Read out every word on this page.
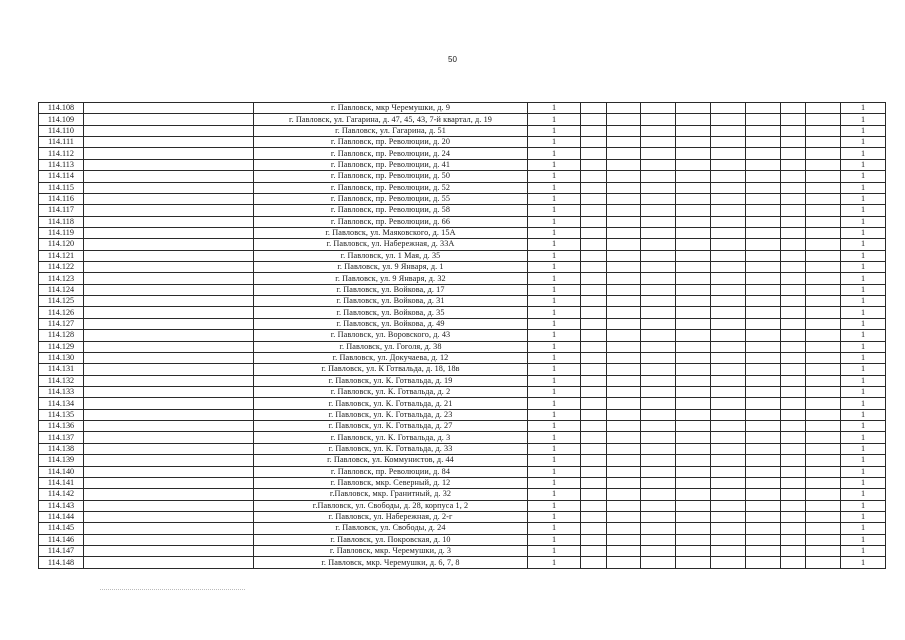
50
114.108		г. Павловск, мкр Черемушки, д. 9	1									1
114.109		г. Павловск, ул. Гагарина, д. 47, 45, 43, 7-й квартал, д. 19	1									1
114.110		г. Павловск, ул. Гагарина, д. 51	1									1
114.111		г. Павловск, пр. Революции, д. 20	1									1
114.112		г. Павловск, пр. Революции, д. 24	1									1
114.113		г. Павловск, пр. Революции, д. 41	1									1
114.114		г. Павловск, пр. Революции, д. 50	1									1
114.115		г. Павловск, пр. Революции, д. 52	1									1
114.116		г. Павловск, пр. Революции, д. 55	1									1
114.117		г. Павловск, пр. Революции, д. 58	1									1
114.118		г. Павловск, пр. Революции, д. 66	1									1
114.119		г. Павловск, ул. Маяковского, д. 15А	1									1
114.120		г. Павловск, ул. Набережная, д. 33А	1									1
114.121		г. Павловск, ул. 1 Мая, д. 35	1									1
114.122		г. Павловск, ул. 9 Января, д. 1	1									1
114.123		г. Павловск, ул. 9 Января, д. 32	1									1
114.124		г. Павловск, ул. Войкова, д. 17	1									1
114.125		г. Павловск, ул. Войкова, д. 31	1									1
114.126		г. Павловск, ул. Войкова, д. 35	1									1
114.127		г. Павловск, ул. Войкова, д. 49	1									1
114.128		г. Павловск, ул. Воровского, д. 43	1									1
114.129		г. Павловск, ул. Гоголя, д. 38	1									1
114.130		г. Павловск, ул. Докучаева, д. 12	1									1
114.131		г. Павловск, ул. К Готвальда, д. 18, 18в	1									1
114.132		г. Павловск, ул. К. Готвальда, д. 19	1									1
114.133		г. Павловск, ул. К. Готвальда, д. 2	1									1
114.134		г. Павловск, ул. К. Готвальда, д. 21	1									1
114.135		г. Павловск, ул. К. Готвальда, д. 23	1									1
114.136		г. Павловск, ул. К. Готвальда, д. 27	1									1
114.137		г. Павловск, ул. К. Готвальда, д. 3	1									1
114.138		г. Павловск, ул. К. Готвальда, д. 33	1									1
114.139		г. Павловск, ул. Коммунистов, д. 44	1									1
114.140		г. Павловск, пр. Революции, д. 84	1									1
114.141		г. Павловск, мкр. Северный, д. 12	1									1
114.142		г.Павловск, мкр. Гранитный, д. 32	1									1
114.143		г.Павловск, ул. Свободы, д. 28, корпуса 1, 2	1									1
114.144		г. Павловск, ул. Набережная, д. 2-г	1									1
114.145		г. Павловск, ул. Свободы, д. 24	1									1
114.146		г. Павловск, ул. Покровская, д. 10	1									1
114.147		г. Павловск, мкр. Черемушки, д. 3	1									1
114.148		г. Павловск, мкр. Черемушки, д. 6, 7, 8	1									1
